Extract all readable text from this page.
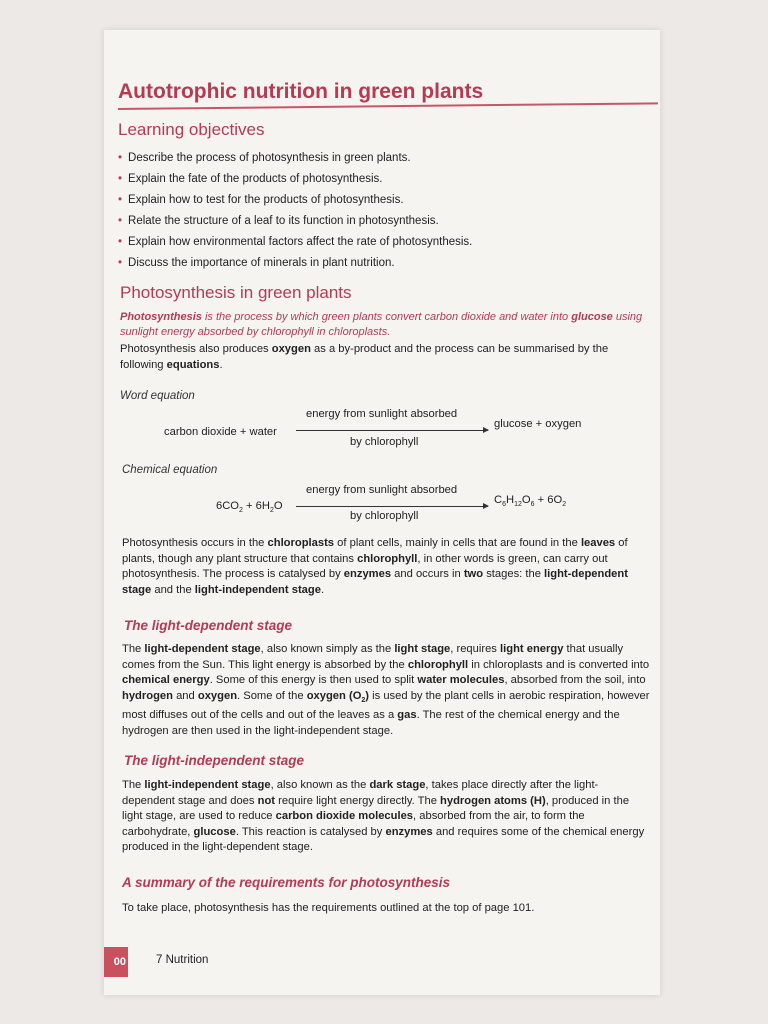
Autotrophic nutrition in green plants
Learning objectives
• Describe the process of photosynthesis in green plants.
• Explain the fate of the products of photosynthesis.
• Explain how to test for the products of photosynthesis.
• Relate the structure of a leaf to its function in photosynthesis.
• Explain how environmental factors affect the rate of photosynthesis.
• Discuss the importance of minerals in plant nutrition.
Photosynthesis in green plants
Photosynthesis is the process by which green plants convert carbon dioxide and water into glucose using sunlight energy absorbed by chlorophyll in chloroplasts.
Photosynthesis also produces oxygen as a by-product and the process can be summarised by the following equations.
Word equation
carbon dioxide + water
energy from sunlight absorbed
by chlorophyll
glucose + oxygen
Chemical equation
$6CO_2 + 6H_2O$
energy from sunlight absorbed
by chlorophyll
$C_6H_{12}O_6 + 6O_2$
Photosynthesis occurs in the chloroplasts of plant cells, mainly in cells that are found in the leaves of plants, though any plant structure that contains chlorophyll, in other words is green, can carry out photosynthesis. The process is catalysed by enzymes and occurs in two stages: the light-dependent stage and the light-independent stage.
The light-dependent stage
The light-dependent stage, also known simply as the light stage, requires light energy that usually comes from the Sun. This light energy is absorbed by the chlorophyll in chloroplasts and is converted into chemical energy. Some of this energy is then used to split water molecules, absorbed from the soil, into hydrogen and oxygen. Some of the oxygen $(O_2)$ is used by the plant cells in aerobic respiration, however most diffuses out of the cells and out of the leaves as a gas. The rest of the chemical energy and the hydrogen are then used in the light-independent stage.
The light-independent stage
The light-independent stage, also known as the dark stage, takes place directly after the light-dependent stage and does not require light energy directly. The hydrogen atoms (H), produced in the light stage, are used to reduce carbon dioxide molecules, absorbed from the air, to form the carbohydrate, glucose. This reaction is catalysed by enzymes and requires some of the chemical energy produced in the light-dependent stage.
A summary of the requirements for photosynthesis
To take place, photosynthesis has the requirements outlined at the top of page 101.
00	7 Nutrition
